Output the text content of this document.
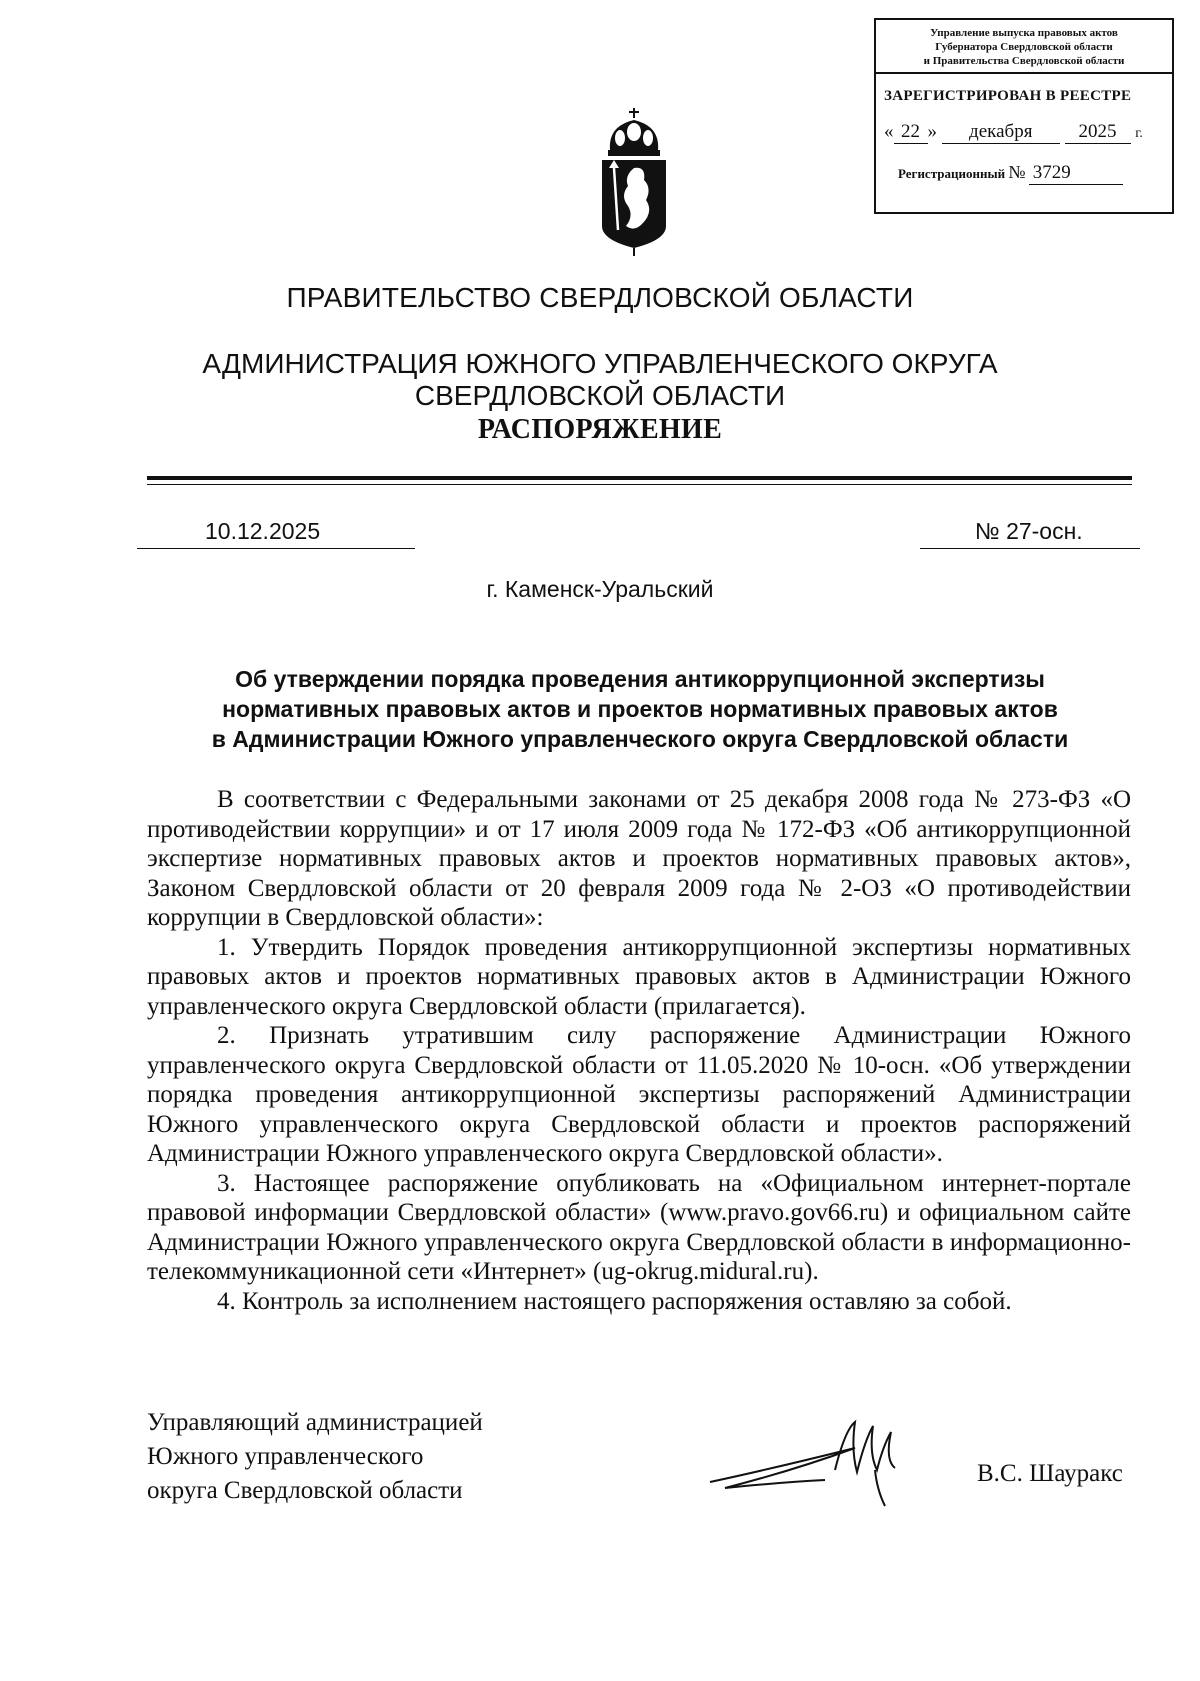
Управление выпуска правовых актов
Губернатора Свердловской области
и Правительства Свердловской области
ЗАРЕГИСТРИРОВАН В РЕЕСТРЕ
« 22 » декабря 2025 г.
Регистрационный № 3729
ПРАВИТЕЛЬСТВО СВЕРДЛОВСКОЙ ОБЛАСТИ
АДМИНИСТРАЦИЯ ЮЖНОГО УПРАВЛЕНЧЕСКОГО ОКРУГА
СВЕРДЛОВСКОЙ ОБЛАСТИ
РАСПОРЯЖЕНИЕ
10.12.2025	№ 27-осн.
г. Каменск-Уральский
Об утверждении порядка проведения антикоррупционной экспертизы
нормативных правовых актов и проектов нормативных правовых актов
в Администрации Южного управленческого округа Свердловской области

В соответствии с Федеральными законами от 25 декабря 2008 года № 273-ФЗ «О противодействии коррупции» и от 17 июля 2009 года № 172-ФЗ «Об антикоррупционной экспертизе нормативных правовых актов и проектов нормативных правовых актов», Законом Свердловской области от 20 февраля 2009 года № 2-ОЗ «О противодействии коррупции в Свердловской области»:

1. Утвердить Порядок проведения антикоррупционной экспертизы нормативных правовых актов и проектов нормативных правовых актов в Администрации Южного управленческого округа Свердловской области (прилагается).

2. Признать утратившим силу распоряжение Администрации Южного управленческого округа Свердловской области от 11.05.2020 № 10-осн. «Об утверждении порядка проведения антикоррупционной экспертизы распоряжений Администрации Южного управленческого округа Свердловской области и проектов распоряжений Администрации Южного управленческого округа Свердловской области».

3. Настоящее распоряжение опубликовать на «Официальном интернет-портале правовой информации Свердловской области» (www.pravo.gov66.ru) и официальном сайте Администрации Южного управленческого округа Свердловской области в информационно-телекоммуникационной сети «Интернет» (ug-okrug.midural.ru).

4. Контроль за исполнением настоящего распоряжения оставляю за собой.

Управляющий администрацией
Южного управленческого
округа Свердловской области
В.С. Шауракс
